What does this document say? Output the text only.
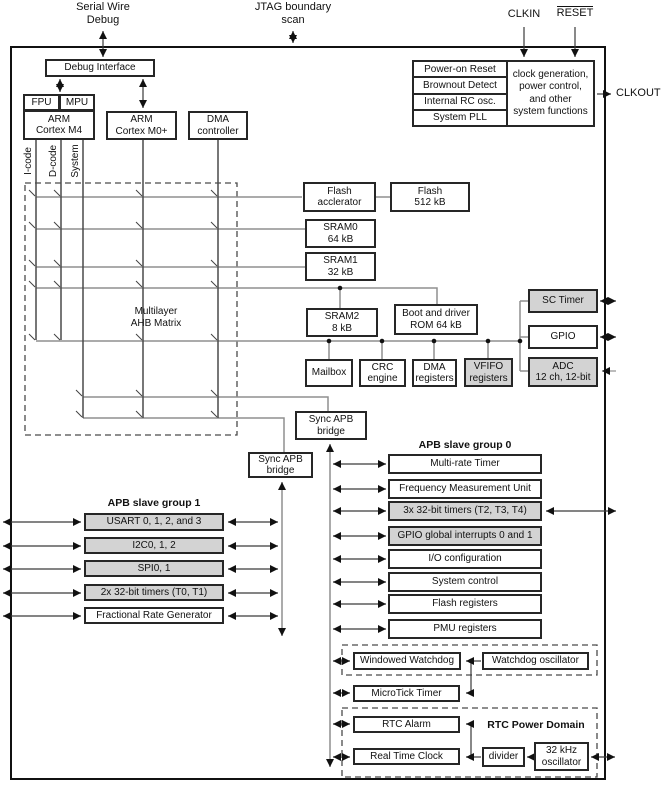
Serial Wire
Debug
JTAG boundary
scan
CLKIN	RESET
CLKOUT
Debug Interface
FPU	MPU
ARM
Cortex M4
ARM
Cortex M0+
DMA
controller
I-code D-code System
Power-on Reset
Brownout Detect
Internal RC osc.
System PLL
clock generation,
power control,
and other
system functions
Multilayer
AHB Matrix
Flash
acclerator
Flash
512 kB
SRAM0
64 kB
SRAM1
32 kB
SRAM2
8 kB
Boot and driver
ROM 64 kB
Mailbox
CRC
engine
DMA
registers
VFIFO
registers
SC Timer
GPIO
ADC
12 ch, 12-bit
Sync APB
bridge
Sync APB
bridge
APB slave group 0
Multi-rate Timer
Frequency Measurement Unit
3x 32-bit timers (T2, T3, T4)
GPIO global interrupts 0 and 1
I/O configuration
System control
Flash registers
PMU registers
APB slave group 1
USART 0, 1, 2, and 3
I2C0, 1, 2
SPI0, 1
2x 32-bit timers (T0, T1)
Fractional Rate Generator
Windowed Watchdog	Watchdog oscillator
MicroTick Timer
RTC Power Domain
RTC Alarm
Real Time Clock	divider
32 kHz
oscillator
